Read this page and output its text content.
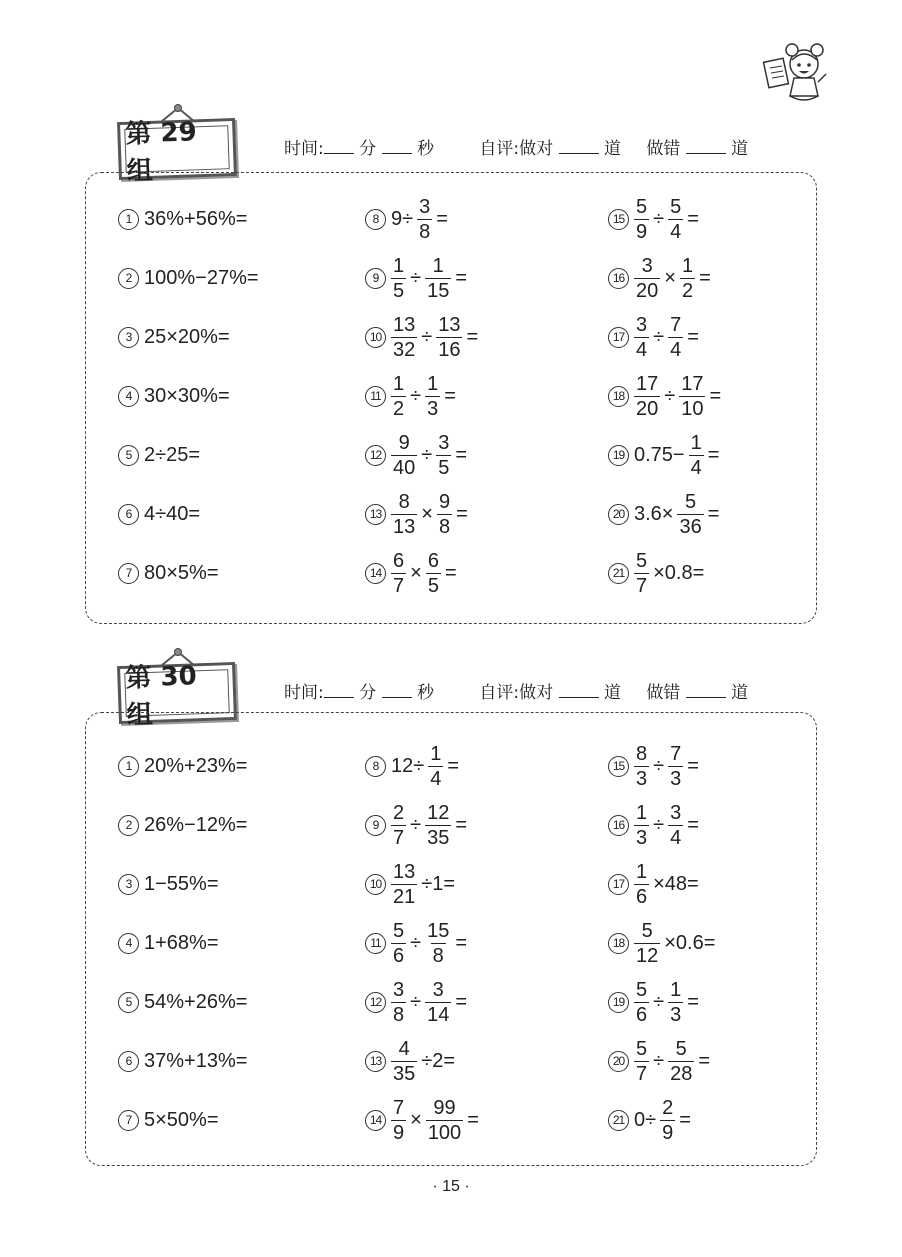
第 29 组
时间: 分 秒	自评:做对	道 做错	道
1 36%+56%=
2 100%−27%=
3 25×20%=
4 30×30%=
5 2÷25=
6 4÷40=
7 80×5%=
8 $9\div \frac{3}{8}$ =
$9 \frac{1}{5} \div \frac{1}{15}$ =
$10 \frac{13}{32} \div \frac{13}{16}$ =
$11 \frac{1}{2} \div \frac{1}{3}$ =
$12 \frac{9}{40} \div \frac{3}{5}$ =
$13 \frac{8}{13} \times \frac{9}{8}$ =
$14 \frac{6}{7} \times \frac{6}{5}$ =
$15 \frac{5}{9} \div \frac{5}{4}$ =
$16 \frac{3}{20} \times \frac{1}{2}$ =
$17 \frac{3}{4} \div \frac{7}{4}$ =
$18 \frac{17}{20} \div \frac{17}{10}$ =
19 $0.75- \frac{1}{4}$ =
20 $3.6\times \frac{5}{36}$ =
$21 \frac{5}{7} \times 0.8=$
第 30 组
时间: 分 秒	自评:做对	道 做错	道
1 20%+23%=
2 26%−12%=
3 1−55%=
4 1+68%=
5 54%+26%=
6 37%+13%=
7 5×50%=
8 $12\div \frac{1}{4}$ =
$9 \frac{2}{7} \div \frac{12}{35}$ =
$10 \frac{13}{21} \div 1=$
$11 \frac{5}{6} \div \frac{15}{8}$ =
$12 \frac{3}{8} \div \frac{3}{14}$ =
$13 \frac{4}{35} \div 2=$
$14 \frac{7}{9} \times \frac{99}{100}$ =
$15 \frac{8}{3} \div \frac{7}{3}$ =
$16 \frac{1}{3} \div \frac{3}{4}$ =
$17 \frac{1}{6} \times 48=$
$18 \frac{5}{12} \times 0.6=$
$19 \frac{5}{6} \div \frac{1}{3}$ =
$20 \frac{5}{7} \div \frac{5}{28}$ =
21 $0\div \frac{2}{9}$ =
· 15 ·
